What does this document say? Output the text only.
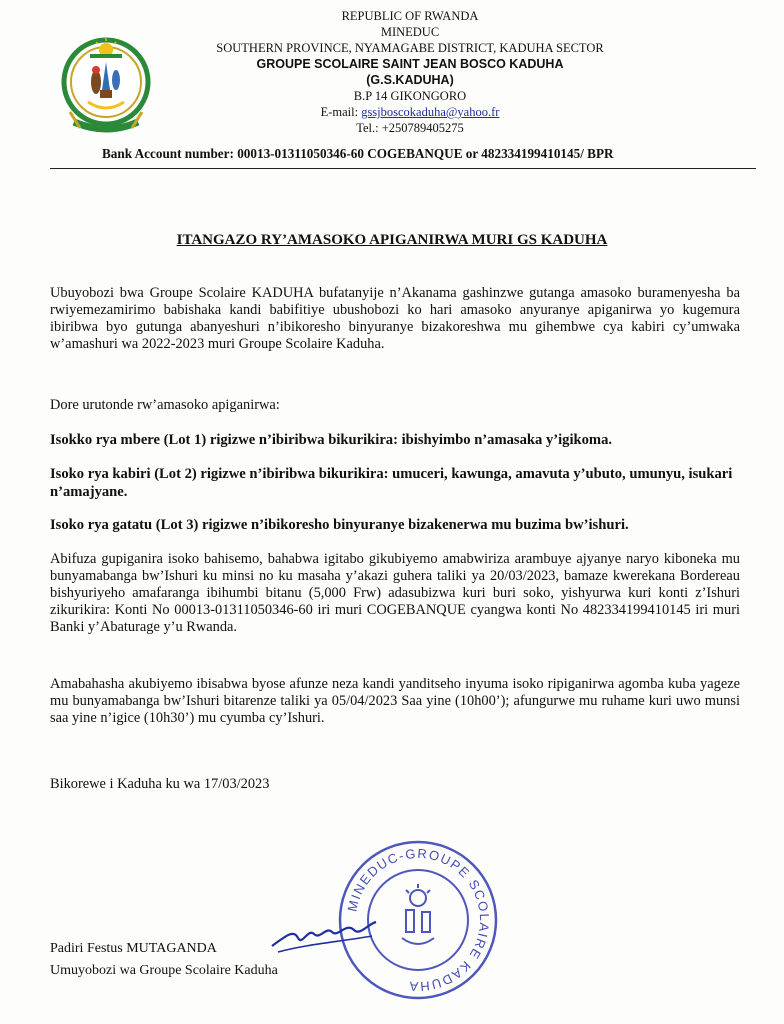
REPUBLIC OF RWANDA
MINEDUC
SOUTHERN PROVINCE, NYAMAGABE DISTRICT, KADUHA SECTOR
GROUPE SCOLAIRE SAINT JEAN BOSCO KADUHA
(G.S.KADUHA)
B.P 14 GIKONGORO
E-mail: gssjboscokaduha@yahoo.fr
Tel.: +250789405275
Bank Account number: 00013-01311050346-60 COGEBANQUE or 482334199410145/ BPR
ITANGAZO RY’AMASOKO APIGANIRWA MURI GS KADUHA
Ubuyobozi bwa Groupe Scolaire KADUHA bufatanyije n’Akanama gashinzwe gutanga amasoko buramenyesha ba rwiyemezamirimo babishaka kandi babifitiye ubushobozi ko hari amasoko anyuranye apiganirwa yo kugemura ibiribwa byo gutunga abanyeshuri n’ibikoresho binyuranye bizakoreshwa mu gihembwe cya kabiri cy’umwaka w’amashuri wa 2022-2023 muri Groupe Scolaire Kaduha.
Dore urutonde rw’amasoko apiganirwa:
Isokko rya mbere (Lot 1) rigizwe n’ibiribwa bikurikira: ibishyimbo n’amasaka y’igikoma.
Isoko rya kabiri (Lot 2) rigizwe n’ibiribwa bikurikira: umuceri, kawunga, amavuta y’ubuto, umunyu, isukari n’amajyane.
Isoko rya gatatu (Lot 3) rigizwe n’ibikoresho binyuranye bizakenerwa mu buzima bw’ishuri.
Abifuza gupiganira isoko bahisemo, bahabwa igitabo gikubiyemo amabwiriza arambuye ajyanye naryo kiboneka mu bunyamabanga bw’Ishuri ku minsi no ku masaha y’akazi guhera taliki ya 20/03/2023, bamaze kwerekana Bordereau bishyuriyeho amafaranga ibihumbi bitanu (5,000 Frw) adasubizwa kuri buri soko, yishyurwa kuri konti z’Ishuri zikurikira: Konti No 00013-01311050346-60 iri muri COGEBANQUE cyangwa konti No 482334199410145 iri muri Banki y’Abaturage y’u Rwanda.
Amabahasha akubiyemo ibisabwa byose afunze neza kandi yanditseho inyuma isoko ripiganirwa agomba kuba yageze mu bunyamabanga bw’Ishuri bitarenze taliki ya 05/04/2023 Saa yine (10h00’); afungurwe mu ruhame kuri uwo munsi saa yine n’igice (10h30’) mu cyumba cy’Ishuri.
Bikorewe i Kaduha ku wa 17/03/2023
MINEDUC-GROUPE SCOLAIRE KADUHA
Padiri Festus MUTAGANDA
Umuyobozi wa Groupe Scolaire Kaduha
